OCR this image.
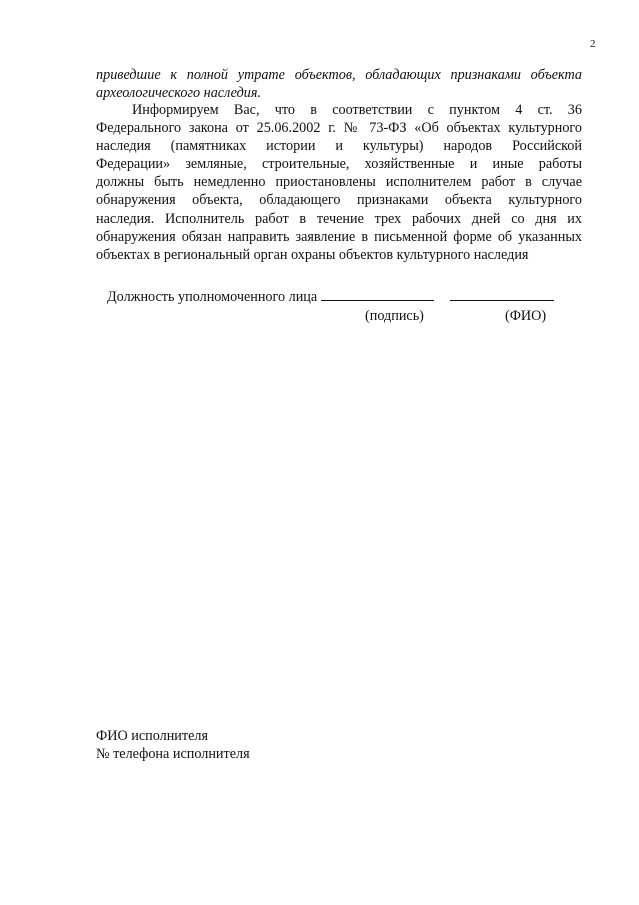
2
приведшие к полной утрате объектов, обладающих признаками объекта
археологического наследия.
Информируем Вас, что в соответствии с пунктом 4 ст. 36
Федерального закона от 25.06.2002 г. № 73-ФЗ «Об объектах культурного
наследия (памятниках истории и культуры) народов Российской
Федерации» земляные, строительные, хозяйственные и иные работы
должны быть немедленно приостановлены исполнителем работ в случае
обнаружения объекта, обладающего признаками объекта культурного
наследия. Исполнитель работ в течение трех рабочих дней со дня их
обнаружения обязан направить заявление в письменной форме об указанных
объектах в региональный орган охраны объектов культурного наследия
Должность уполномоченного лица
(подпись)	(ФИО)
ФИО исполнителя
№ телефона исполнителя
